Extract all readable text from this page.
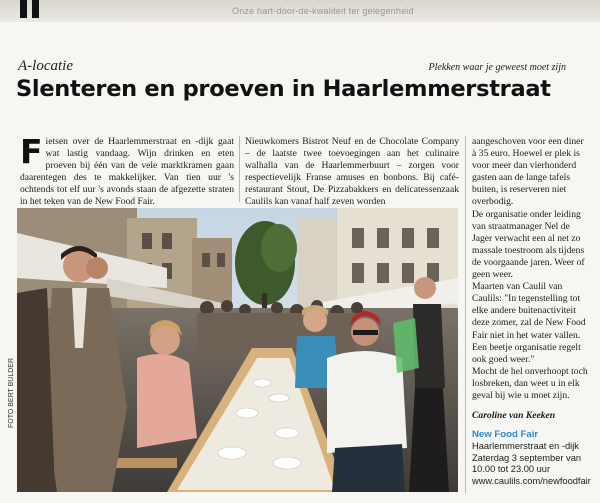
Onze hart-door-de-kwaliteit ter gelegenheid
A-locatie	Plekken waar je geweest moet zijn
Slenteren en proeven in Haarlemmerstraat
F ietsen over de Haarlemmerstraat en -dijk gaat wat lastig vandaag. Wijn drinken en eten proeven bij één van de vele marktkramen gaan daarentegen des te makkelijker. Van tien uur 's ochtends tot elf uur 's avonds staan de afgezette straten in het teken van de New Food Fair.

Nieuwkomers Bistrot Neuf en de Chocolate Company – de laatste twee toevoegingen aan het culinaire walhalla van de Haarlemmerbuurt – zorgen voor respectievelijk Franse amuses en bonbons. Bij café-restaurant Stout, De Pizzabakkers en delicatessenzaak Caulils kan vanaf half zeven worden

aangeschoven voor een diner à 35 euro. Hoewel er plek is voor meer dan vierhonderd gasten aan de lange tafels buiten, is reserveren niet overbodig.

De organisatie onder leiding van straatmanager Nel de Jager verwacht een al net zo massale toestroom als tijdens de voorgaande jaren. Weer of geen weer.

Maarten van Caulil van Caulils: "In tegenstelling tot elke andere buitenactiviteit deze zomer, zal de New Food Fair niet in het water vallen. Een beetje organisatie regelt ook goed weer."

Mocht de hel onverhoopt toch losbreken, dan weet u in elk geval bij wie u moet zijn.

Caroline van Keeken

New Food Fair

Haarlemmerstraat en -dijk
Zaterdag 3 september van
10.00 tot 23.00 uur
www.caulils.com/newfoodfair
FOTO BERT BULDER
